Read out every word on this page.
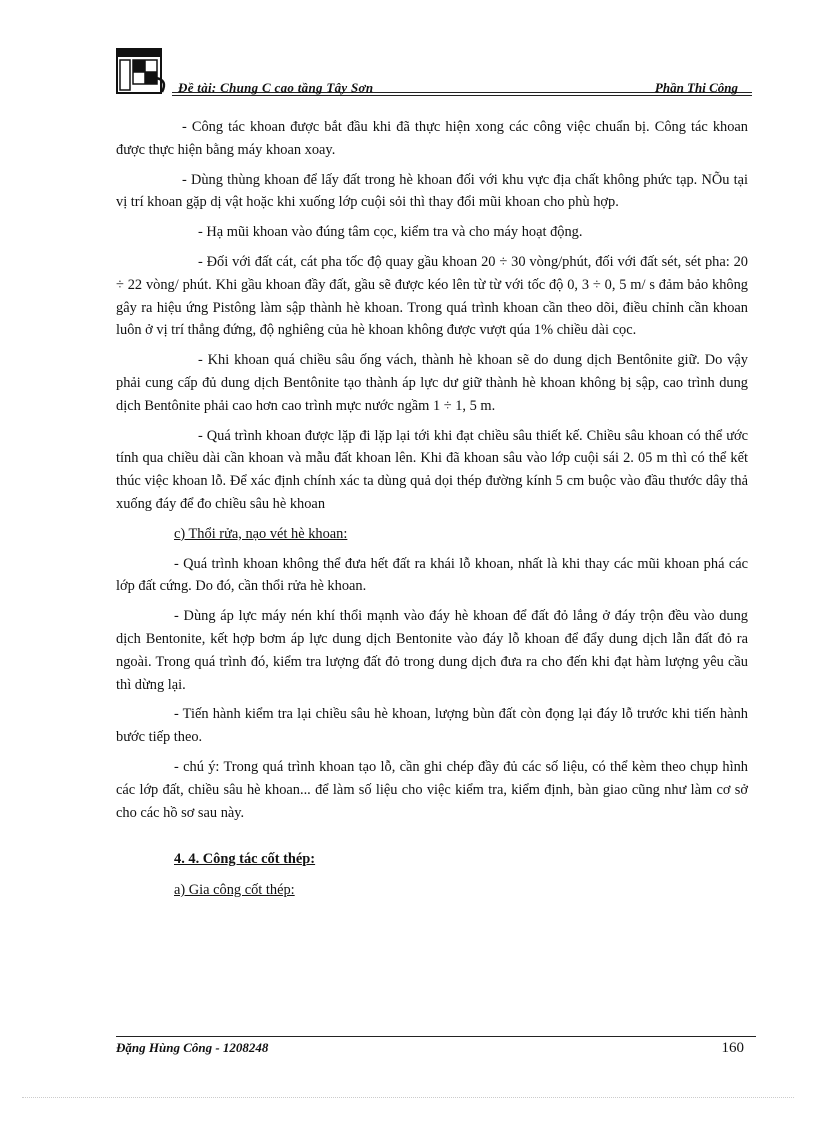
Đề tài: Chung C cao tầng Tây Sơn	Phần Thi Công

- Công tác khoan được bắt đầu khi đã thực hiện xong các công việc chuẩn bị. Công tác khoan được thực hiện bằng máy khoan xoay.

- Dùng thùng khoan để lấy đất trong hè khoan đối với khu vực địa chất không phức tạp. NÕu tại vị trí khoan gặp dị vật hoặc khi xuống lớp cuội sỏi thì thay đổi mũi khoan cho phù hợp.

- Hạ mũi khoan vào đúng tâm cọc, kiểm tra và cho máy hoạt động.

- Đối với đất cát, cát pha tốc độ quay gầu khoan 20 ÷ 30 vòng/phút, đối với đất sét, sét pha: 20 ÷ 22 vòng/ phút. Khi gầu khoan đầy đất, gầu sẽ được kéo lên từ từ với tốc độ 0, 3 ÷ 0, 5 m/ s đảm bảo không gây ra hiệu ứng Pistông làm sập thành hè khoan. Trong quá trình khoan cần theo dõi, điều chỉnh cần khoan luôn ở vị trí thẳng đứng, độ nghiêng của hè khoan không được vượt qúa 1% chiều dài cọc.

- Khi khoan quá chiều sâu ống vách, thành hè khoan sẽ do dung dịch Bentônite giữ. Do vậy phải cung cấp đủ dung dịch Bentônite tạo thành áp lực dư giữ thành hè khoan không bị sập, cao trình dung dịch Bentônite phải cao hơn cao trình mực nước ngầm 1 ÷ 1, 5 m.

- Quá trình khoan được lặp đi lặp lại tới khi đạt chiều sâu thiết kế. Chiều sâu khoan có thể ước tính qua chiều dài cần khoan và mẫu đất khoan lên. Khi đã khoan sâu vào lớp cuội sái 2. 05 m thì có thể kết thúc việc khoan lỗ. Để xác định chính xác ta dùng quả dọi thép đường kính 5 cm buộc vào đầu thước dây thả xuống đáy để đo chiều sâu hè khoan

c) Thổi rửa, nạo vét hè khoan:

- Quá trình khoan không thể đưa hết đất ra khái lỗ khoan, nhất là khi thay các mũi khoan phá các lớp đất cứng. Do đó, cần thổi rửa hè khoan.

- Dùng áp lực máy nén khí thổi mạnh vào đáy hè khoan để đất đỏ lắng ở đáy trộn đều vào dung dịch Bentonite, kết hợp bơm áp lực dung dịch Bentonite vào đáy lỗ khoan để đẩy dung dịch lẫn đất đỏ ra ngoài. Trong quá trình đó, kiểm tra lượng đất đỏ trong dung dịch đưa ra cho đến khi đạt hàm lượng yêu cầu thì dừng lại.

- Tiến hành kiểm tra lại chiều sâu hè khoan, lượng bùn đất còn đọng lại đáy lỗ trước khi tiến hành bước tiếp theo.

- chú ý: Trong quá trình khoan tạo lỗ, cần ghi chép đầy đủ các số liệu, có thể kèm theo chụp hình các lớp đất, chiều sâu hè khoan... để làm số liệu cho việc kiểm tra, kiểm định, bàn giao cũng như làm cơ sở cho các hồ sơ sau này.

4. 4. Công tác cốt thép:

a) Gia công cốt thép:

Đặng Hùng Công - 1208248	160
